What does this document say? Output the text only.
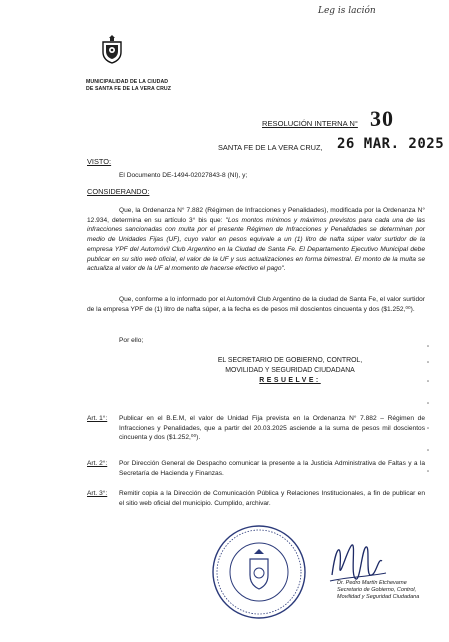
Leg is lación
MUNICIPALIDAD DE LA CIUDAD
DE SANTA FE DE LA VERA CRUZ
RESOLUCIÓN INTERNA N° 30
SANTA FE DE LA VERA CRUZ, 26 MAR. 2025
VISTO:
El Documento DE-1494-02027843-8 (NI), y;
CONSIDERANDO:
Que, la Ordenanza N° 7.882 (Régimen de Infracciones y Penalidades), modificada por la Ordenanza N° 12.934, determina en su artículo 3° bis que: "Los montos mínimos y máximos previstos para cada una de las infracciones sancionadas con multa por el presente Régimen de Infracciones y Penalidades se determinan por medio de Unidades Fijas (UF), cuyo valor en pesos equivale a un (1) litro de nafta súper valor surtidor de la empresa YPF del Automóvil Club Argentino en la Ciudad de Santa Fe. El Departamento Ejecutivo Municipal debe publicar en su sitio web oficial, el valor de la UF y sus actualizaciones en forma bimestral. El monto de la multa se actualiza al valor de la UF al momento de hacerse efectivo el pago".
Que, conforme a lo informado por el Automóvil Club Argentino de la ciudad de Santa Fe, el valor surtidor de la empresa YPF de (1) litro de nafta súper, a la fecha es de pesos mil doscientos cincuenta y dos ($1.252,⁰⁰).
Por ello;
EL SECRETARIO DE GOBIERNO, CONTROL,
MOVILIDAD Y SEGURIDAD CIUDADANA
RESUELVE:
Art. 1°: Publicar en el B.E.M, el valor de Unidad Fija prevista en la Ordenanza N° 7.882 – Régimen de Infracciones y Penalidades, que a partir del 20.03.2025 asciende a la suma de pesos mil doscientos cincuenta y dos ($1.252,⁰⁰).
Art. 2°: Por Dirección General de Despacho comunicar la presente a la Justicia Administrativa de Faltas y a la Secretaría de Hacienda y Finanzas.
Art. 3°: Remitir copia a la Dirección de Comunicación Pública y Relaciones Institucionales, a fin de publicar en el sitio web oficial del municipio. Cumplido, archivar.
Dr. Pedro Martín Etchevarne
Secretario de Gobierno, Control,
Movilidad y Seguridad Ciudadana
